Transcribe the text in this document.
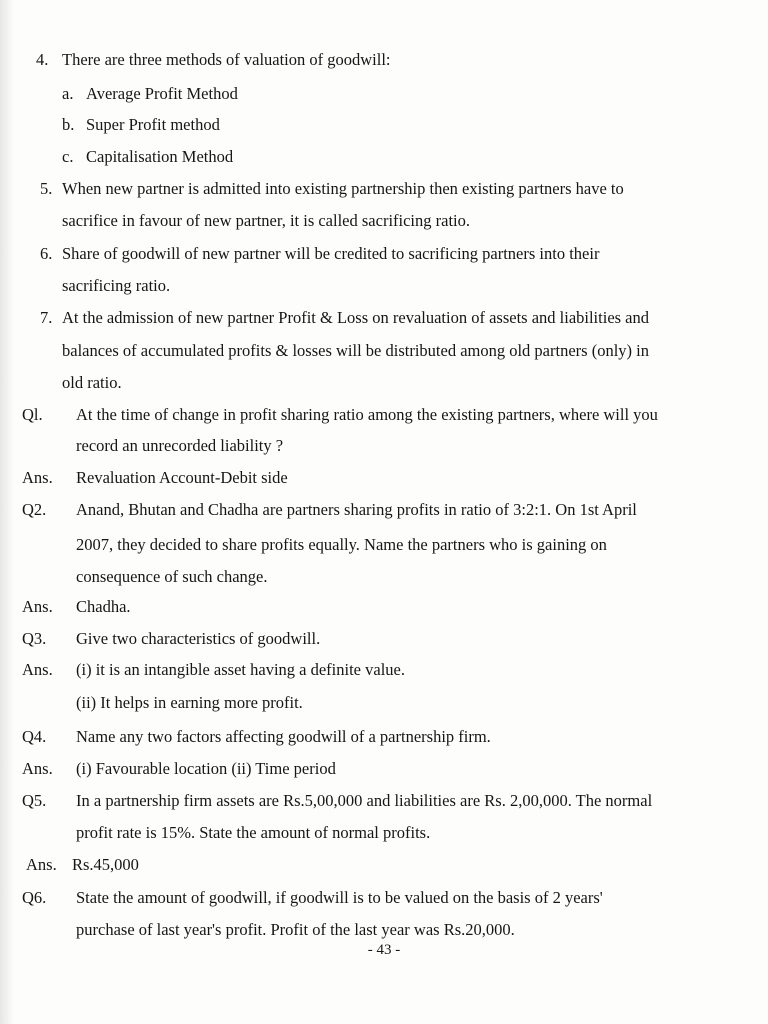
4. There are three methods of valuation of goodwill:
a. Average Profit Method
b. Super Profit method
c. Capitalisation Method
5. When new partner is admitted into existing partnership then existing partners have to
sacrifice in favour of new partner, it is called sacrificing ratio.
6. Share of goodwill of new partner will be credited to sacrificing partners into their
sacrificing ratio.
7. At the admission of new partner Profit & Loss on revaluation of assets and liabilities and
balances of accumulated profits & losses will be distributed among old partners (only) in
old ratio.
Ql. At the time of change in profit sharing ratio among the existing partners, where will you
record an unrecorded liability ?
Ans. Revaluation Account-Debit side
Q2. Anand, Bhutan and Chadha are partners sharing profits in ratio of 3:2:1. On 1st April
2007, they decided to share profits equally. Name the partners who is gaining on
consequence of such change.
Ans. Chadha.
Q3. Give two characteristics of goodwill.
Ans. (i) it is an intangible asset having a definite value.
(ii) It helps in earning more profit.
Q4. Name any two factors affecting goodwill of a partnership firm.
Ans. (i) Favourable location (ii) Time period
Q5. In a partnership firm assets are Rs.5,00,000 and liabilities are Rs. 2,00,000. The normal
profit rate is 15%. State the amount of normal profits.
Ans. Rs.45,000
Q6. State the amount of goodwill, if goodwill is to be valued on the basis of 2 years'
purchase of last year's profit. Profit of the last year was Rs.20,000.
- 43 -
